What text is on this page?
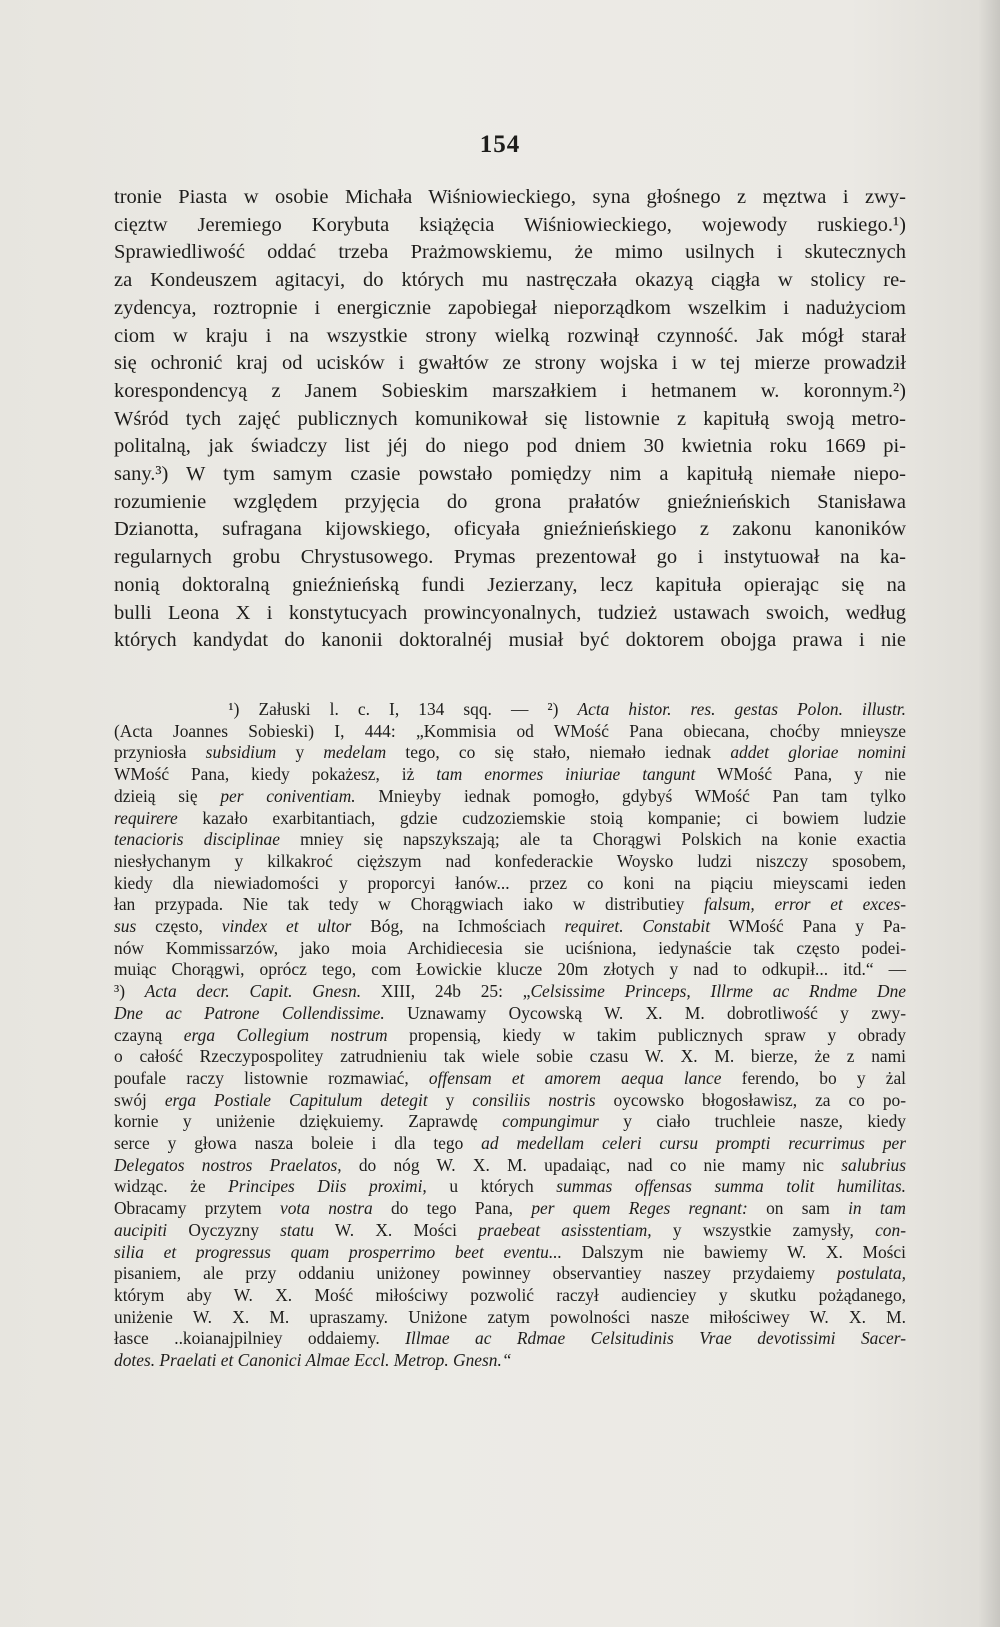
154

tronie Piasta w osobie Michała Wiśniowieckiego, syna głośnego z męztwa i zwy-

cięztw Jeremiego Korybuta książęcia Wiśniowieckiego, wojewody ruskiego.¹)

Sprawiedliwość oddać trzeba Prażmowskiemu, że mimo usilnych i skutecznych

za Kondeuszem agitacyi, do których mu nastręczała okazyą ciągła w stolicy re-

zydencya, roztropnie i energicznie zapobiegał nieporządkom wszelkim i nadużyciom

ciom w kraju i na wszystkie strony wielką rozwinął czynność. Jak mógł starał

się ochronić kraj od ucisków i gwałtów ze strony wojska i w tej mierze prowadził

korespondencyą z Janem Sobieskim marszałkiem i hetmanem w. koronnym.²)

Wśród tych zajęć publicznych komunikował się listownie z kapitułą swoją metro-

politalną, jak świadczy list jéj do niego pod dniem 30 kwietnia roku 1669 pi-

sany.³) W tym samym czasie powstało pomiędzy nim a kapitułą niemałe niepo-

rozumienie względem przyjęcia do grona prałatów gnieźnieńskich Stanisława

Dzianotta, sufragana kijowskiego, oficyała gnieźnieńskiego z zakonu kanoników

regularnych grobu Chrystusowego. Prymas prezentował go i instytuował na ka-

nonią doktoralną gnieźnieńską fundi Jezierzany, lecz kapituła opierając się na

bulli Leona X i konstytucyach prowincyonalnych, tudzież ustawach swoich, według

których kandydat do kanonii doktoralnéj musiał być doktorem obojga prawa i nie

¹) Załuski l. c. I, 134 sqq. — ²) Acta histor. res. gestas Polon. illustr.

(Acta Joannes Sobieski) I, 444: „Kommisia od WMość Pana obiecana, choćby mnieysze

przyniosła subsidium y medelam tego, co się stało, niemało iednak addet gloriae nomini

WMość Pana, kiedy pokażesz, iż tam enormes iniuriae tangunt WMość Pana, y nie

dzieią się per coniventiam. Mnieyby iednak pomogło, gdybyś WMość Pan tam tylko

requirere kazało exarbitantiach, gdzie cudzoziemskie stoią kompanie; ci bowiem ludzie

tenacioris disciplinae mniey się napszykszają; ale ta Chorągwi Polskich na konie exactia

niesłychanym y kilkakroć cięższym nad konfederackie Woysko ludzi niszczy sposobem,

kiedy dla niewiadomości y proporcyi łanów... przez co koni na piąciu mieyscami ieden

łan przypada. Nie tak tedy w Chorągwiach iako w distributiey falsum, error et exces-

sus często, vindex et ultor Bóg, na Ichmościach requiret. Constabit WMość Pana y Pa-

nów Kommissarzów, jako moia Archidiecesia sie uciśniona, iedynaście tak często podei-

muiąc Chorągwi, oprócz tego, com Łowickie klucze 20m złotych y nad to odkupił... itd.“ —

³) Acta decr. Capit. Gnesn. XIII, 24b 25: „Celsissime Princeps, Illrme ac Rndme Dne

Dne ac Patrone Collendissime. Uznawamy Oycowską W. X. M. dobrotliwość y zwy-

czayną erga Collegium nostrum propensią, kiedy w takim publicznych spraw y obrady

o całość Rzeczypospolitey zatrudnieniu tak wiele sobie czasu W. X. M. bierze, że z nami

poufale raczy listownie rozmawiać, offensam et amorem aequa lance ferendo, bo y żal

swój erga Postiale Capitulum detegit y consiliis nostris oycowsko błogosławisz, za co po-

kornie y uniżenie dziękuiemy. Zaprawdę compungimur y ciało truchleie nasze, kiedy

serce y głowa nasza boleie i dla tego ad medellam celeri cursu prompti recurrimus per

Delegatos nostros Praelatos, do nóg W. X. M. upadaiąc, nad co nie mamy nic salubrius

widząc. że Principes Diis proximi, u których summas offensas summa tolit humilitas.

Obracamy przytem vota nostra do tego Pana, per quem Reges regnant: on sam in tam

aucipiti Oyczyzny statu W. X. Mości praebeat asisstentiam, y wszystkie zamysły, con-

silia et progressus quam prosperrimo beet eventu... Dalszym nie bawiemy W. X. Mości

pisaniem, ale przy oddaniu uniżoney powinney observantiey naszey przydaiemy postulata,

którym aby W. X. Mość miłościwy pozwolić raczył audienciey y skutku pożądanego,

uniżenie W. X. M. upraszamy. Uniżone zatym powolności nasze miłościwey W. X. M.

łasce ..koianajpilniey oddaiemy. Illmae ac Rdmae Celsitudinis Vrae devotissimi Sacer-

dotes. Praelati et Canonici Almae Eccl. Metrop. Gnesn.“
